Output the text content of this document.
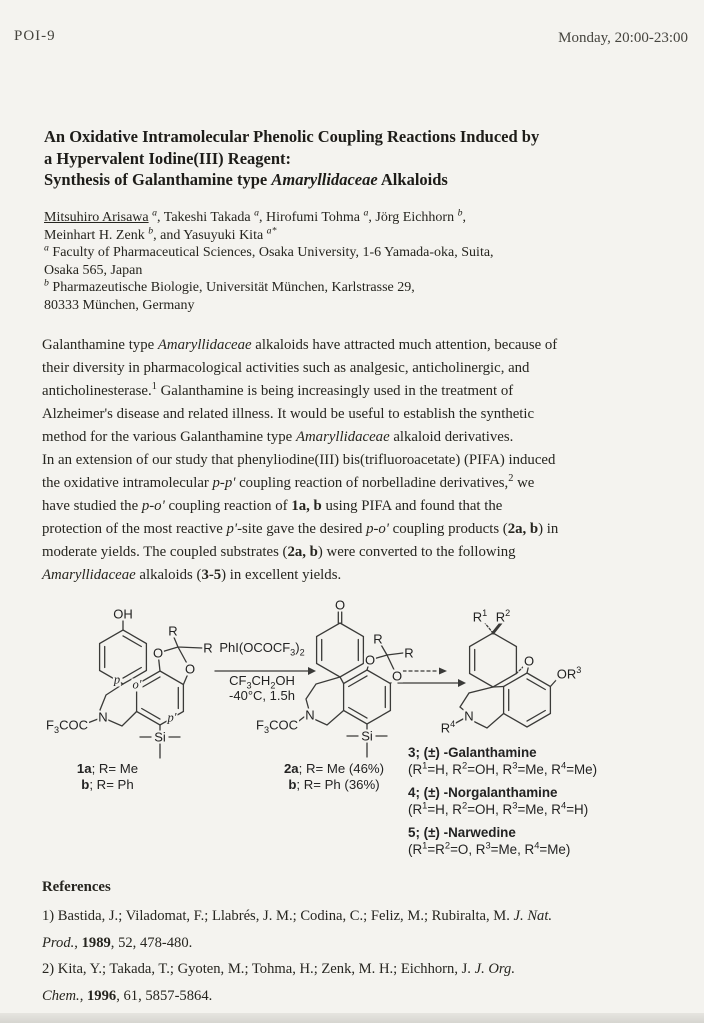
POI-9	Monday, 20:00-23:00
An Oxidative Intramolecular Phenolic Coupling Reactions Induced by
a Hypervalent Iodine(III) Reagent:
Synthesis of Galanthamine type Amaryllidaceae Alkaloids
Mitsuhiro Arisawa $^a$, Takeshi Takada $^a$, Hirofumi Tohma $^a$, Jörg Eichhorn $^b$,
Meinhart H. Zenk $^b$, and Yasuyuki Kita $^{a*}$
$^a$ Faculty of Pharmaceutical Sciences, Osaka University, 1-6 Yamada-oka, Suita,
Osaka 565, Japan
$^b$ Pharmazeutische Biologie, Universität München, Karlstrasse 29,
80333 München, Germany
Galanthamine type Amaryllidaceae alkaloids have attracted much attention, because of
their diversity in pharmacological activities such as analgesic, anticholinergic, and
anticholinesterase.$^1$ Galanthamine is being increasingly used in the treatment of
Alzheimer's disease and related illness. It would be useful to establish the synthetic
method for the various Galanthamine type Amaryllidaceae alkaloid derivatives.
In an extension of our study that phenyliodine(III) bis(trifluoroacetate) (PIFA) induced
the oxidative intramolecular p-p' coupling reaction of norbelladine derivatives,$^2$ we
have studied the p-o' coupling reaction of 1a, b using PIFA and found that the
protection of the most reactive p'-site gave the desired p-o' coupling products (2a, b) in
moderate yields. The coupled substrates (2a, b) were converted to the following
Amaryllidaceae alkaloids (3-5) in excellent yields.
OH
R
R
O
O
p o'
p'
N
$F_3COC$
Si
1a; R= Me
b; R= Ph
$PhI(OCOCF_3)_2$
$CF_3CH_2OH$
-40°C, 1.5h
O
R
R
O
O
N
$F_3COC$
Si
2a; R= Me (46%)
b; R= Ph (36%)
$R^1$ $R^2$
O
$OR^3$
N
$R^4$
3; (±) -Galanthamine
($R^1=H$, $R^2=OH$, $R^3=Me$, $R^4=Me$)
4; (±) -Norgalanthamine
($R^1=H$, $R^2=OH$, $R^3=Me$, $R^4=H$)
5; (±) -Narwedine
($R^1=R^2=O$, $R^3=Me$, $R^4=Me$)
References
1) Bastida, J.; Viladomat, F.; Llabrés, J. M.; Codina, C.; Feliz, M.; Rubiralta, M. J. Nat.
Prod., 1989, 52, 478-480.
2) Kita, Y.; Takada, T.; Gyoten, M.; Tohma, H.; Zenk, M. H.; Eichhorn, J. J. Org.
Chem., 1996, 61, 5857-5864.
